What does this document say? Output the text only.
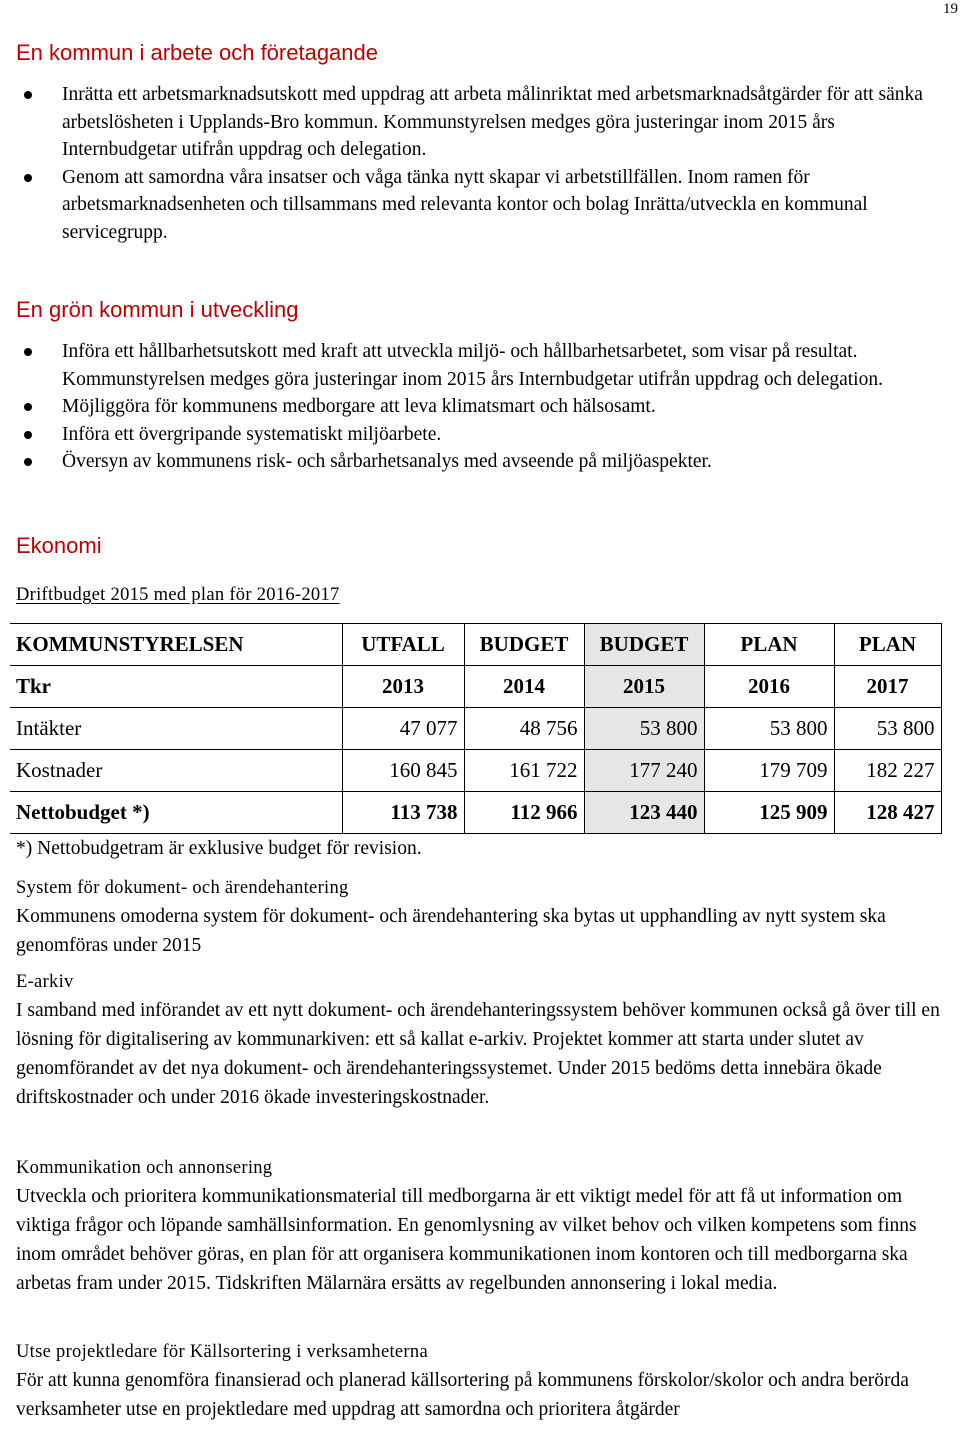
19
En kommun i arbete och företagande
Inrätta ett arbetsmarknadsutskott med uppdrag att arbeta målinriktat med arbetsmarknadsåtgärder för att sänka arbetslösheten i Upplands-Bro kommun. Kommunstyrelsen medges göra justeringar inom 2015 års Internbudgetar utifrån uppdrag och delegation.
Genom att samordna våra insatser och våga tänka nytt skapar vi arbetstillfällen. Inom ramen för arbetsmarknadsenheten och tillsammans med relevanta kontor och bolag Inrätta/utveckla en kommunal servicegrupp.
En grön kommun i utveckling
Införa ett hållbarhetsutskott med kraft att utveckla miljö- och hållbarhetsarbetet, som visar på resultat. Kommunstyrelsen medges göra justeringar inom 2015 års Internbudgetar utifrån uppdrag och delegation.
Möjliggöra för kommunens medborgare att leva klimatsmart och hälsosamt.
Införa ett övergripande systematiskt miljöarbete.
Översyn av kommunens risk- och sårbarhetsanalys med avseende på miljöaspekter.
Ekonomi
Driftbudget 2015 med plan för 2016-2017
KOMMUNSTYRELSEN	UTFALL	BUDGET	BUDGET	PLAN	PLAN
Tkr	2013	2014	2015	2016	2017
Intäkter	47 077	48 756	53 800	53 800	53 800
Kostnader	160 845	161 722	177 240	179 709	182 227
Nettobudget *)	113 738	112 966	123 440	125 909	128 427
*) Nettobudgetram är exklusive budget för revision.
System för dokument- och ärendehantering
Kommunens omoderna system för dokument- och ärendehantering ska bytas ut upphandling av nytt system ska genomföras under 2015
E-arkiv
I samband med införandet av ett nytt dokument- och ärendehanteringssystem behöver kommunen också gå över till en lösning för digitalisering av kommunarkiven: ett så kallat e-arkiv. Projektet kommer att starta under slutet av genomförandet av det nya dokument- och ärendehanteringssystemet. Under 2015 bedöms detta innebära ökade driftskostnader och under 2016 ökade investeringskostnader.
Kommunikation och annonsering
Utveckla och prioritera kommunikationsmaterial till medborgarna är ett viktigt medel för att få ut information om viktiga frågor och löpande samhällsinformation. En genomlysning av vilket behov och vilken kompetens som finns inom området behöver göras, en plan för att organisera kommunikationen inom kontoren och till medborgarna ska arbetas fram under 2015. Tidskriften Mälarnära ersätts av regelbunden annonsering i lokal media.
Utse projektledare för Källsortering i verksamheterna
För att kunna genomföra finansierad och planerad källsortering på kommunens förskolor/skolor och andra berörda verksamheter utse en projektledare med uppdrag att samordna och prioritera åtgärder
